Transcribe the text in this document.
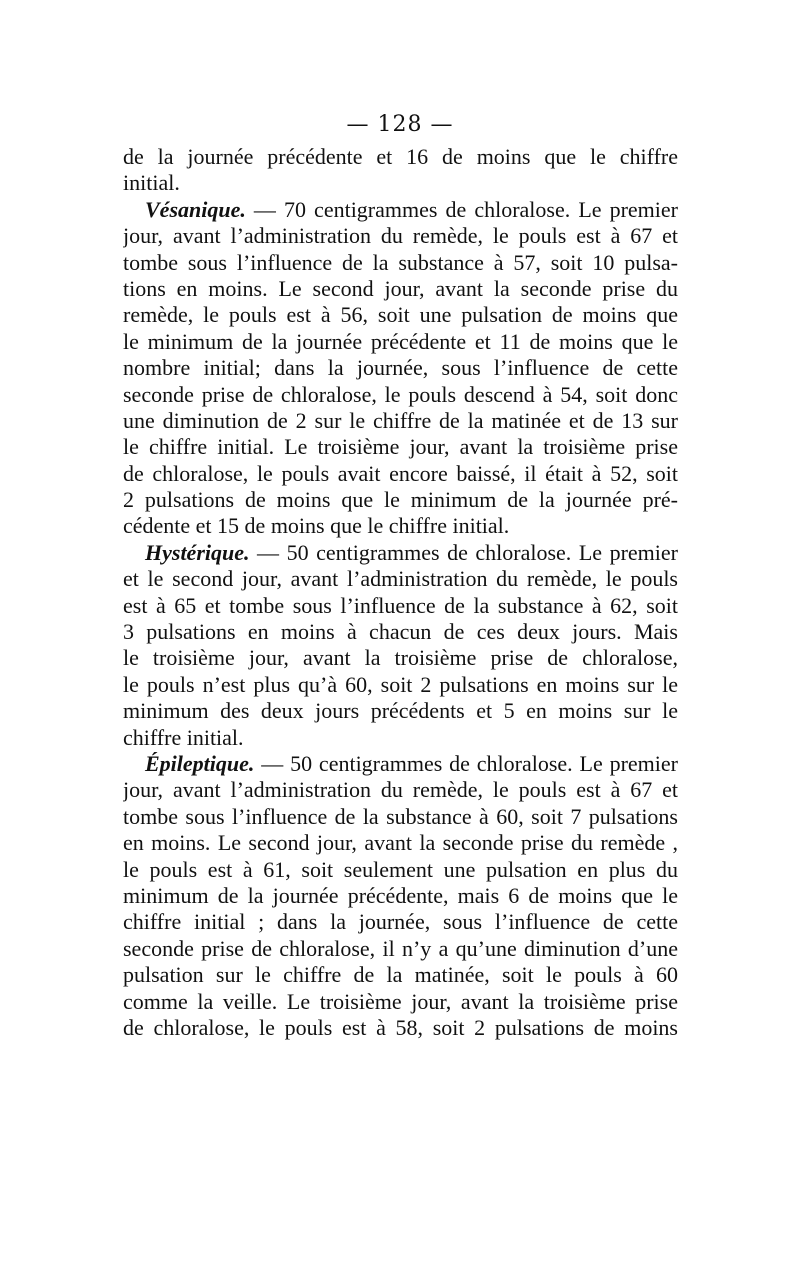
— 128 —
de la journée précédente et 16 de moins que le chiffre
initial.
 Vésanique. — 70 centigrammes de chloralose. Le premier
jour, avant l’administration du remède, le pouls est à 67 et
tombe sous l’influence de la substance à 57, soit 10 pulsa-
tions en moins. Le second jour, avant la seconde prise du
remède, le pouls est à 56, soit une pulsation de moins que
le minimum de la journée précédente et 11 de moins que le
nombre initial; dans la journée, sous l’influence de cette
seconde prise de chloralose, le pouls descend à 54, soit donc
une diminution de 2 sur le chiffre de la matinée et de 13 sur
le chiffre initial. Le troisième jour, avant la troisième prise
de chloralose, le pouls avait encore baissé, il était à 52, soit
2 pulsations de moins que le minimum de la journée pré-
cédente et 15 de moins que le chiffre initial.
 Hystérique. — 50 centigrammes de chloralose. Le premier
et le second jour, avant l’administration du remède, le pouls
est à 65 et tombe sous l’influence de la substance à 62, soit
3 pulsations en moins à chacun de ces deux jours. Mais
le troisième jour, avant la troisième prise de chloralose,
le pouls n’est plus qu’à 60, soit 2 pulsations en moins sur le
minimum des deux jours précédents et 5 en moins sur le
chiffre initial.
 Épileptique. — 50 centigrammes de chloralose. Le premier
jour, avant l’administration du remède, le pouls est à 67 et
tombe sous l’influence de la substance à 60, soit 7 pulsations
en moins. Le second jour, avant la seconde prise du remède ,
le pouls est à 61, soit seulement une pulsation en plus du
minimum de la journée précédente, mais 6 de moins que le
chiffre initial ; dans la journée, sous l’influence de cette
seconde prise de chloralose, il n’y a qu’une diminution d’une
pulsation sur le chiffre de la matinée, soit le pouls à 60
comme la veille. Le troisième jour, avant la troisième prise
de chloralose, le pouls est à 58, soit 2 pulsations de moins
